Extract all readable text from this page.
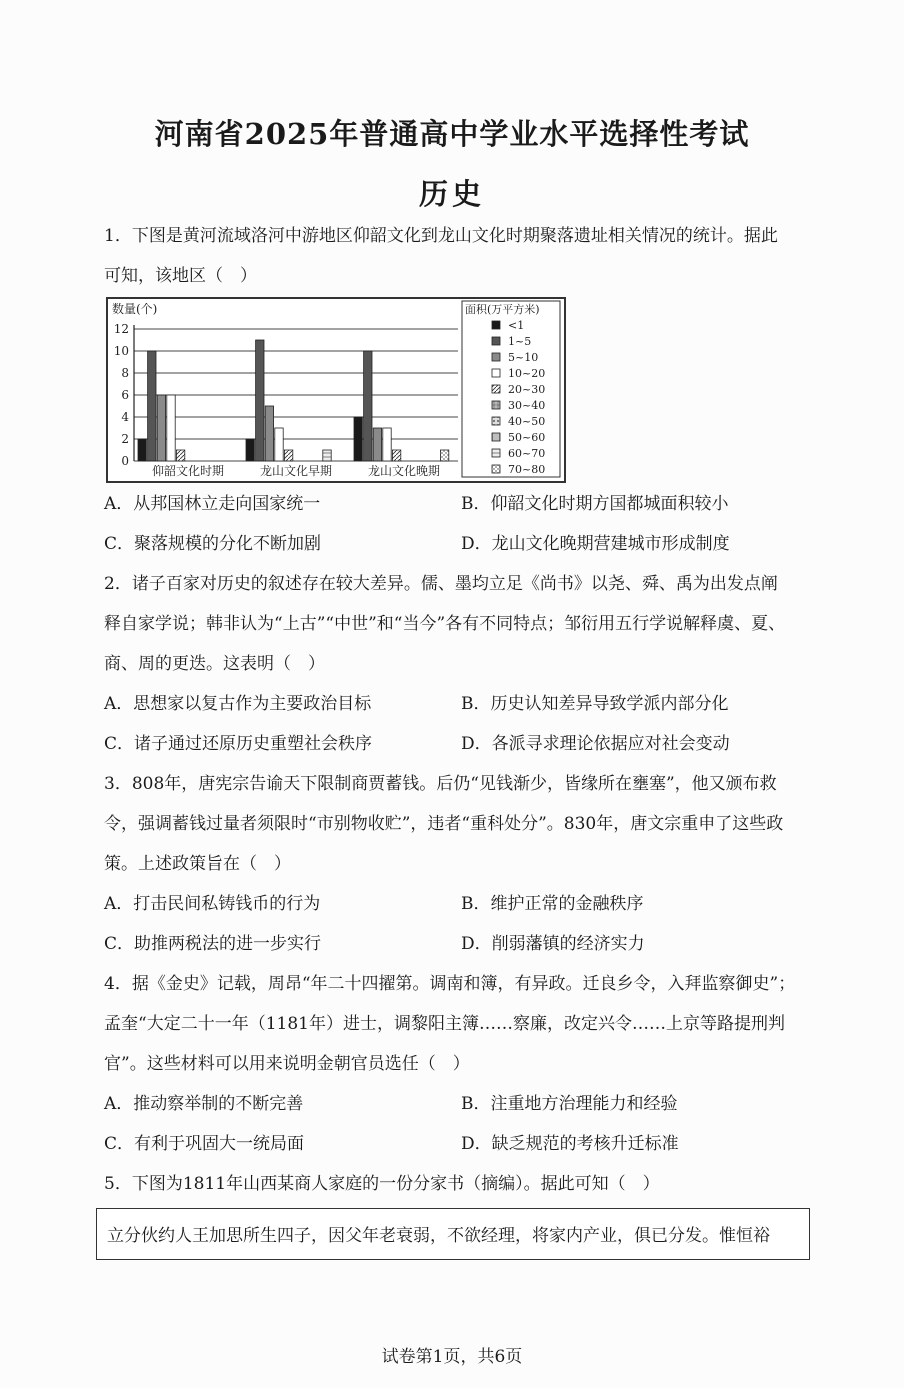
河南省2025年普通高中学业水平选择性考试
历史
1．下图是黄河流域洛河中游地区仰韶文化到龙山文化时期聚落遗址相关情况的统计。据此
可知，该地区（　）
数量(个)
0
2
4
6
8
10
12
仰韶文化时期	龙山文化早期	龙山文化晚期
面积(万平方米)
<1
1~5
5~10
10~20
20~30
30~40
40~50
50~60
60~70
70~80
A．从邦国林立走向国家统一	B．仰韶文化时期方国都城面积较小
C．聚落规模的分化不断加剧	D．龙山文化晚期营建城市形成制度
2．诸子百家对历史的叙述存在较大差异。儒、墨均立足《尚书》以尧、舜、禹为出发点阐
释自家学说；韩非认为“上古”“中世”和“当今”各有不同特点；邹衍用五行学说解释虞、夏、
商、周的更迭。这表明（　）
A．思想家以复古作为主要政治目标	B．历史认知差异导致学派内部分化
C．诸子通过还原历史重塑社会秩序	D．各派寻求理论依据应对社会变动
3．808年，唐宪宗告谕天下限制商贾蓄钱。后仍“见钱渐少，皆缘所在壅塞”，他又颁布救
令，强调蓄钱过量者须限时“市别物收贮”，违者“重科处分”。830年，唐文宗重申了这些政
策。上述政策旨在（　）
A．打击民间私铸钱币的行为	B．维护正常的金融秩序
C．助推两税法的进一步实行	D．削弱藩镇的经济实力
4．据《金史》记载，周昂“年二十四擢第。调南和簿，有异政。迁良乡令，入拜监察御史”；
孟奎“大定二十一年（1181年）进士，调黎阳主簿……察廉，改定兴令……上京等路提刑判
官”。这些材料可以用来说明金朝官员选任（　）
A．推动察举制的不断完善	B．注重地方治理能力和经验
C．有利于巩固大一统局面	D．缺乏规范的考核升迁标准
5．下图为1811年山西某商人家庭的一份分家书（摘编）。据此可知（　）
立分伙约人王加思所生四子，因父年老衰弱，不欲经理，将家内产业，俱已分发。惟恒裕
试卷第1页，共6页
